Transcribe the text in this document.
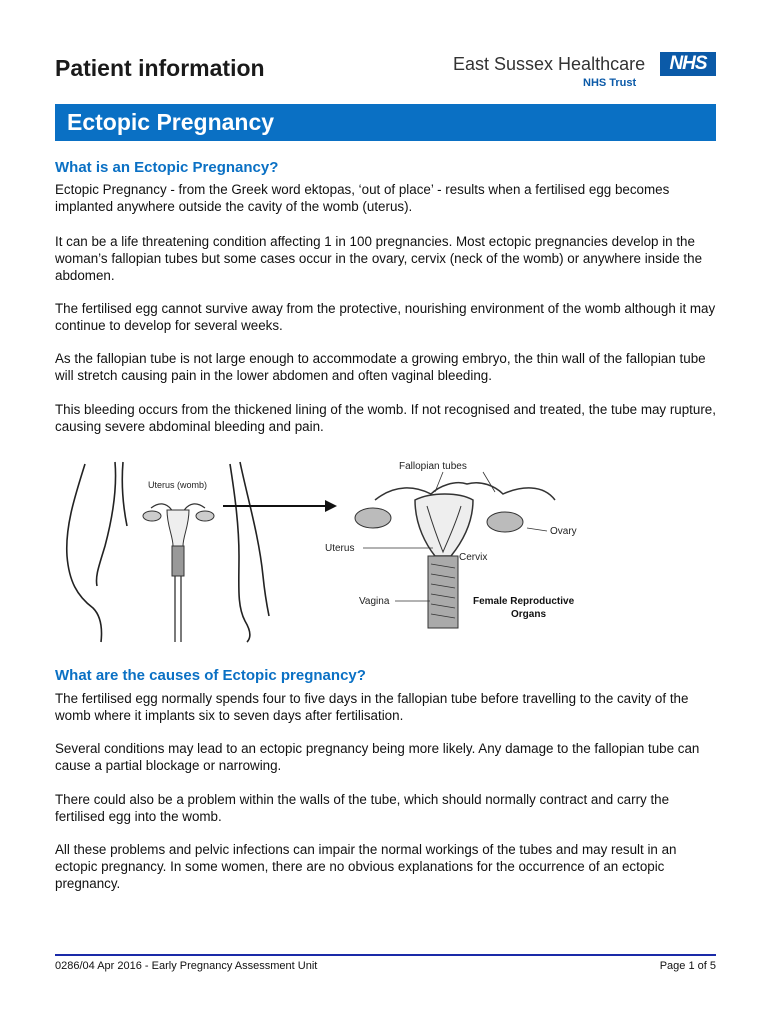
Patient information	East Sussex Healthcare	NHS
NHS Trust
Ectopic Pregnancy
What is an Ectopic Pregnancy?
Ectopic Pregnancy - from the Greek word ektopas, ‘out of place’ - results when a fertilised egg becomes implanted anywhere outside the cavity of the womb (uterus).
It can be a life threatening condition affecting 1 in 100 pregnancies. Most ectopic pregnancies develop in the woman’s fallopian tubes but some cases occur in the ovary, cervix (neck of the womb) or anywhere inside the abdomen.
The fertilised egg cannot survive away from the protective, nourishing environment of the womb although it may continue to develop for several weeks.
As the fallopian tube is not large enough to accommodate a growing embryo, the thin wall of the fallopian tube will stretch causing pain in the lower abdomen and often vaginal bleeding.
This bleeding occurs from the thickened lining of the womb. If not recognised and treated, the tube may rupture, causing severe abdominal bleeding and pain.
Uterus (womb)
Fallopian tubes
Ovary
Uterus
Cervix
Vagina	Female Reproductive
Organs
What are the causes of Ectopic pregnancy?
The fertilised egg normally spends four to five days in the fallopian tube before travelling to the cavity of the womb where it implants six to seven days after fertilisation.
Several conditions may lead to an ectopic pregnancy being more likely. Any damage to the fallopian tube can cause a partial blockage or narrowing.
There could also be a problem within the walls of the tube, which should normally contract and carry the fertilised egg into the womb.
All these problems and pelvic infections can impair the normal workings of the tubes and may result in an ectopic pregnancy. In some women, there are no obvious explanations for the occurrence of an ectopic pregnancy.
0286/04 Apr 2016 - Early Pregnancy Assessment Unit	Page 1 of 5
